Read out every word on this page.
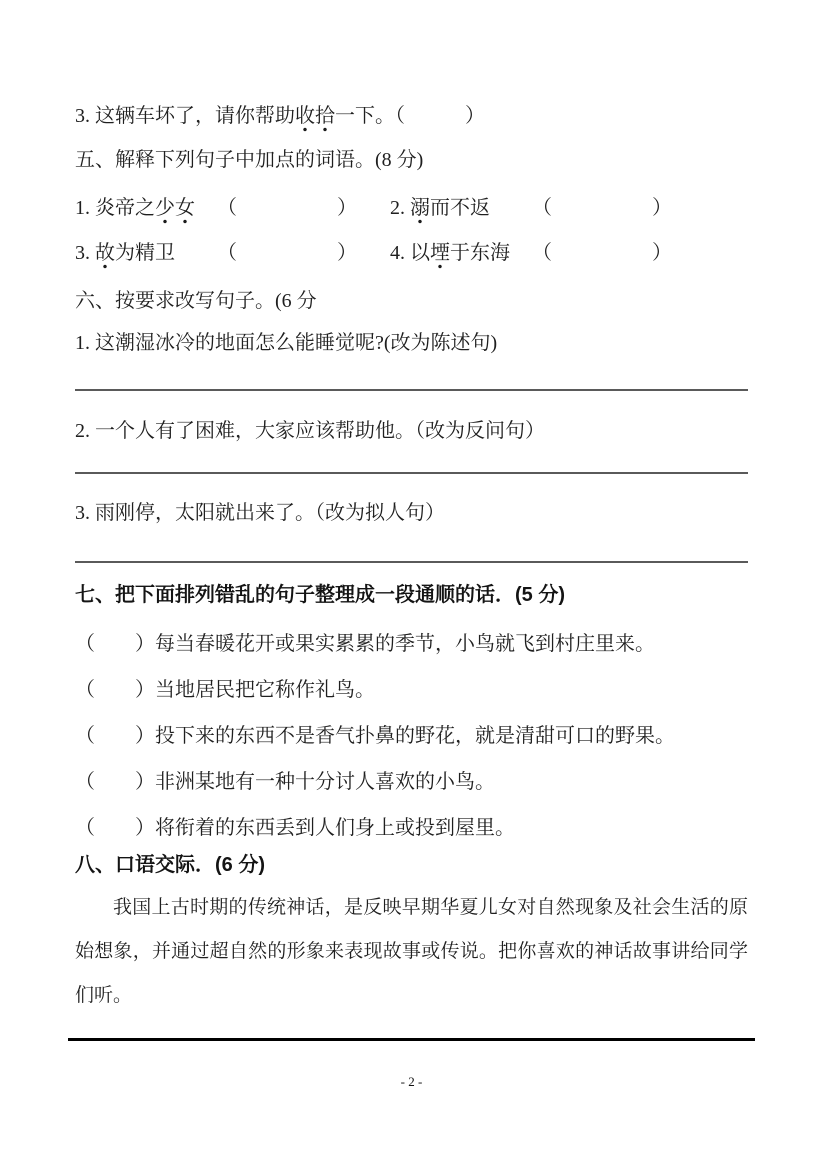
3. 这辆车坏了，请你帮助收拾一下。（　　　）
五、解释下列句子中加点的词语。(8 分)
1. 炎帝之少女 （　　　　　）	2. 溺而不返 （　　　　　）
3. 故为精卫 （　　　　　）	4. 以堙于东海 （　　　　　）
六、按要求改写句子。(6 分
1. 这潮湿冰冷的地面怎么能睡觉呢?(改为陈述句)
2. 一个人有了困难，大家应该帮助他。（改为反问句）
3. 雨刚停，太阳就出来了。（改为拟人句）
七、把下面排列错乱的句子整理成一段通顺的话．(5 分)
（　　）每当春暖花开或果实累累的季节，小鸟就飞到村庄里来。
（　　）当地居民把它称作礼鸟。
（　　）投下来的东西不是香气扑鼻的野花，就是清甜可口的野果。
（　　）非洲某地有一种十分讨人喜欢的小鸟。
（　　）将衔着的东西丢到人们身上或投到屋里。
八、口语交际．(6 分)
我国上古时期的传统神话，是反映早期华夏儿女对自然现象及社会生活的原始想象，并通过超自然的形象来表现故事或传说。把你喜欢的神话故事讲给同学们听。
- 2 -
